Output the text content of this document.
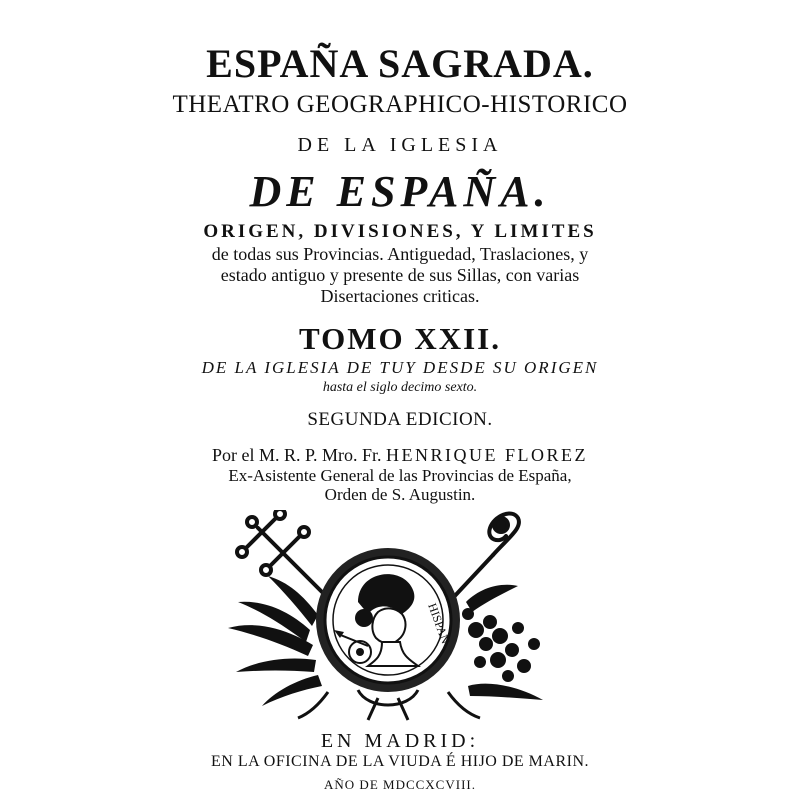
ESPAÑA SAGRADA.
THEATRO GEOGRAPHICO-HISTORICO
DE LA IGLESIA
DE ESPAÑA.
ORIGEN, DIVISIONES, Y LIMITES
de todas sus Provincias. Antiguedad, Traslaciones, y
estado antiguo y presente de sus Sillas, con varias
Disertaciones criticas.
TOMO XXII.
DE LA IGLESIA DE TUY DESDE SU ORIGEN
hasta el siglo decimo sexto.
SEGUNDA EDICION.
Por el M. R. P. Mro. Fr. HENRIQUE FLOREZ
Ex-Asistente General de las Provincias de España,
Orden de S. Augustin.
HISPAN
EN MADRID:
EN LA OFICINA DE LA VIUDA É HIJO DE MARIN.
AÑO DE MDCCXCVIII.
